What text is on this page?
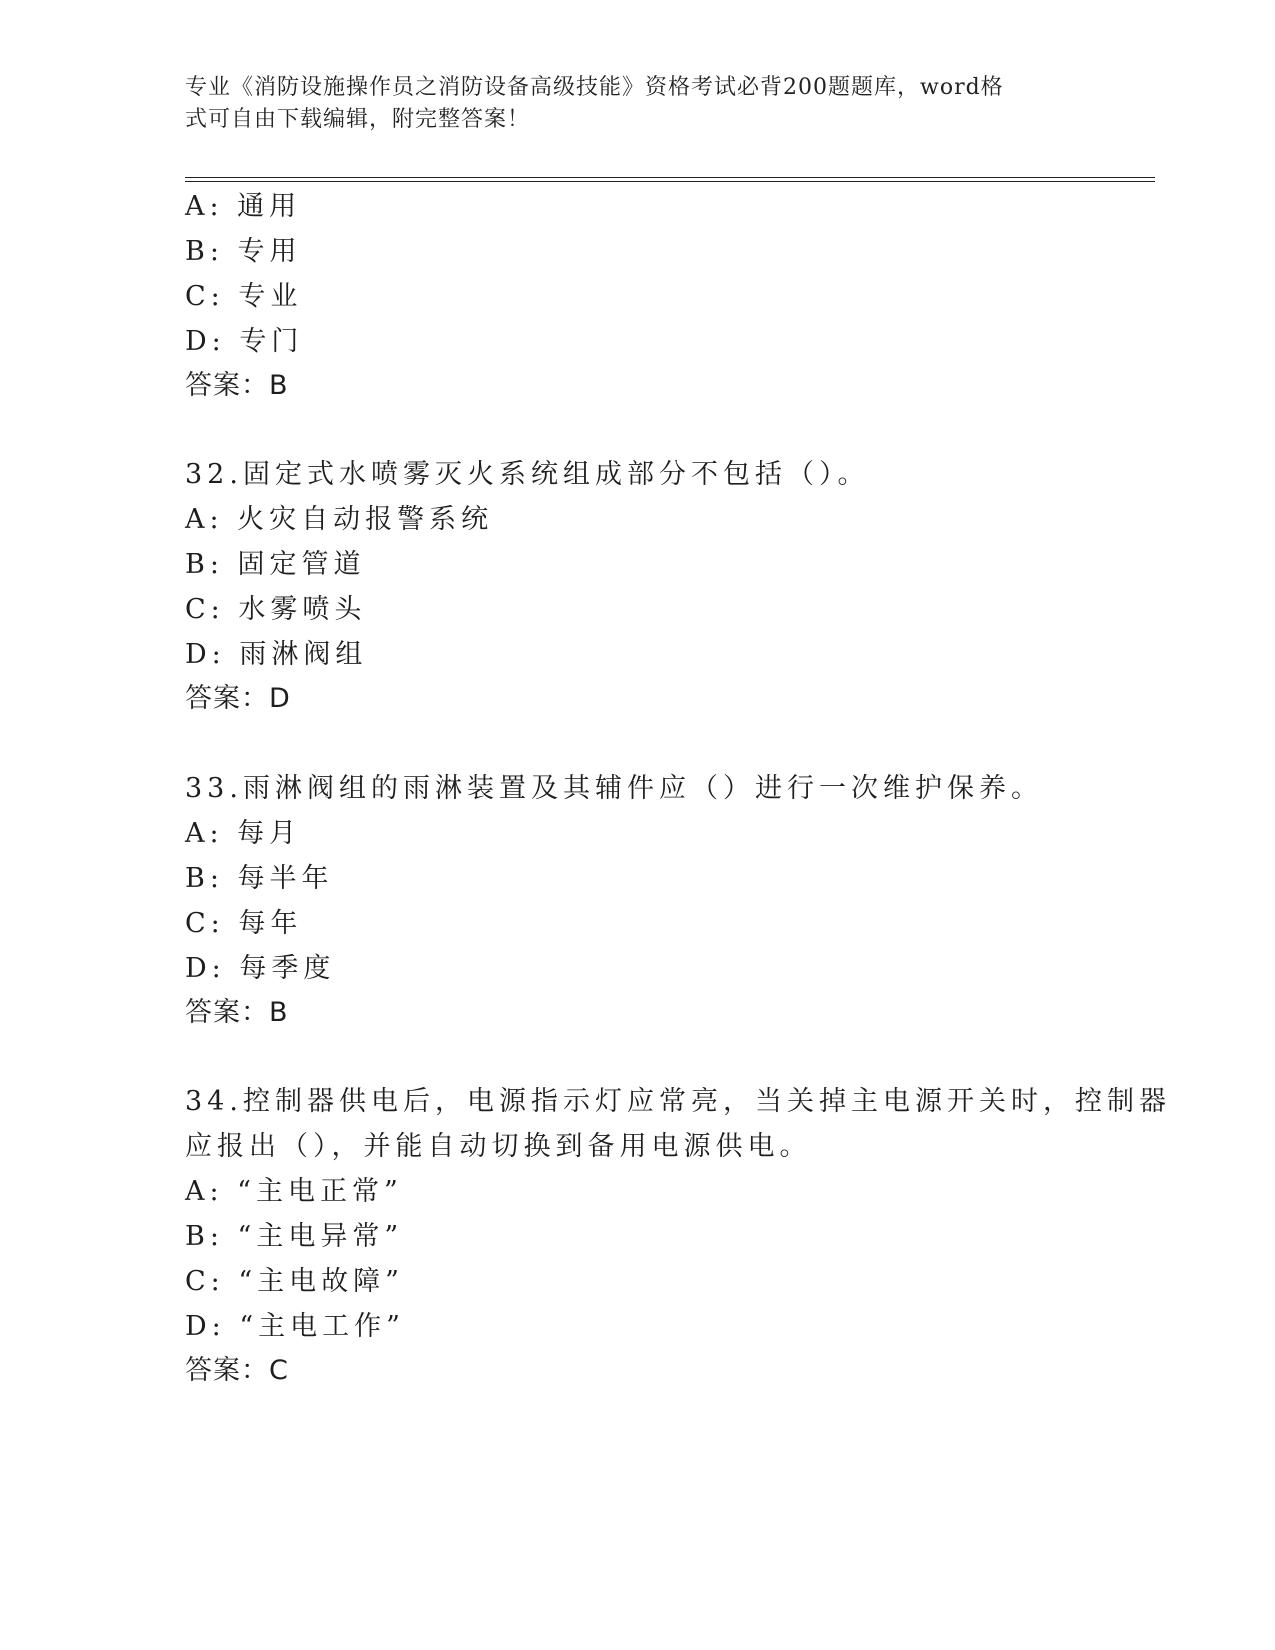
专业《消防设施操作员之消防设备高级技能》资格考试必背200题题库，word格
式可自由下载编辑，附完整答案！
A: 通用
B: 专用
C: 专业
D: 专门
答案：B
32.固定式水喷雾灭火系统组成部分不包括（）。
A: 火灾自动报警系统
B: 固定管道
C: 水雾喷头
D: 雨淋阀组
答案：D
33.雨淋阀组的雨淋装置及其辅件应（）进行一次维护保养。
A: 每月
B: 每半年
C: 每年
D: 每季度
答案：B
34.控制器供电后，电源指示灯应常亮，当关掉主电源开关时，控制器
应报出（），并能自动切换到备用电源供电。
A: “主电正常”
B: “主电异常”
C: “主电故障”
D: “主电工作”
答案：C
